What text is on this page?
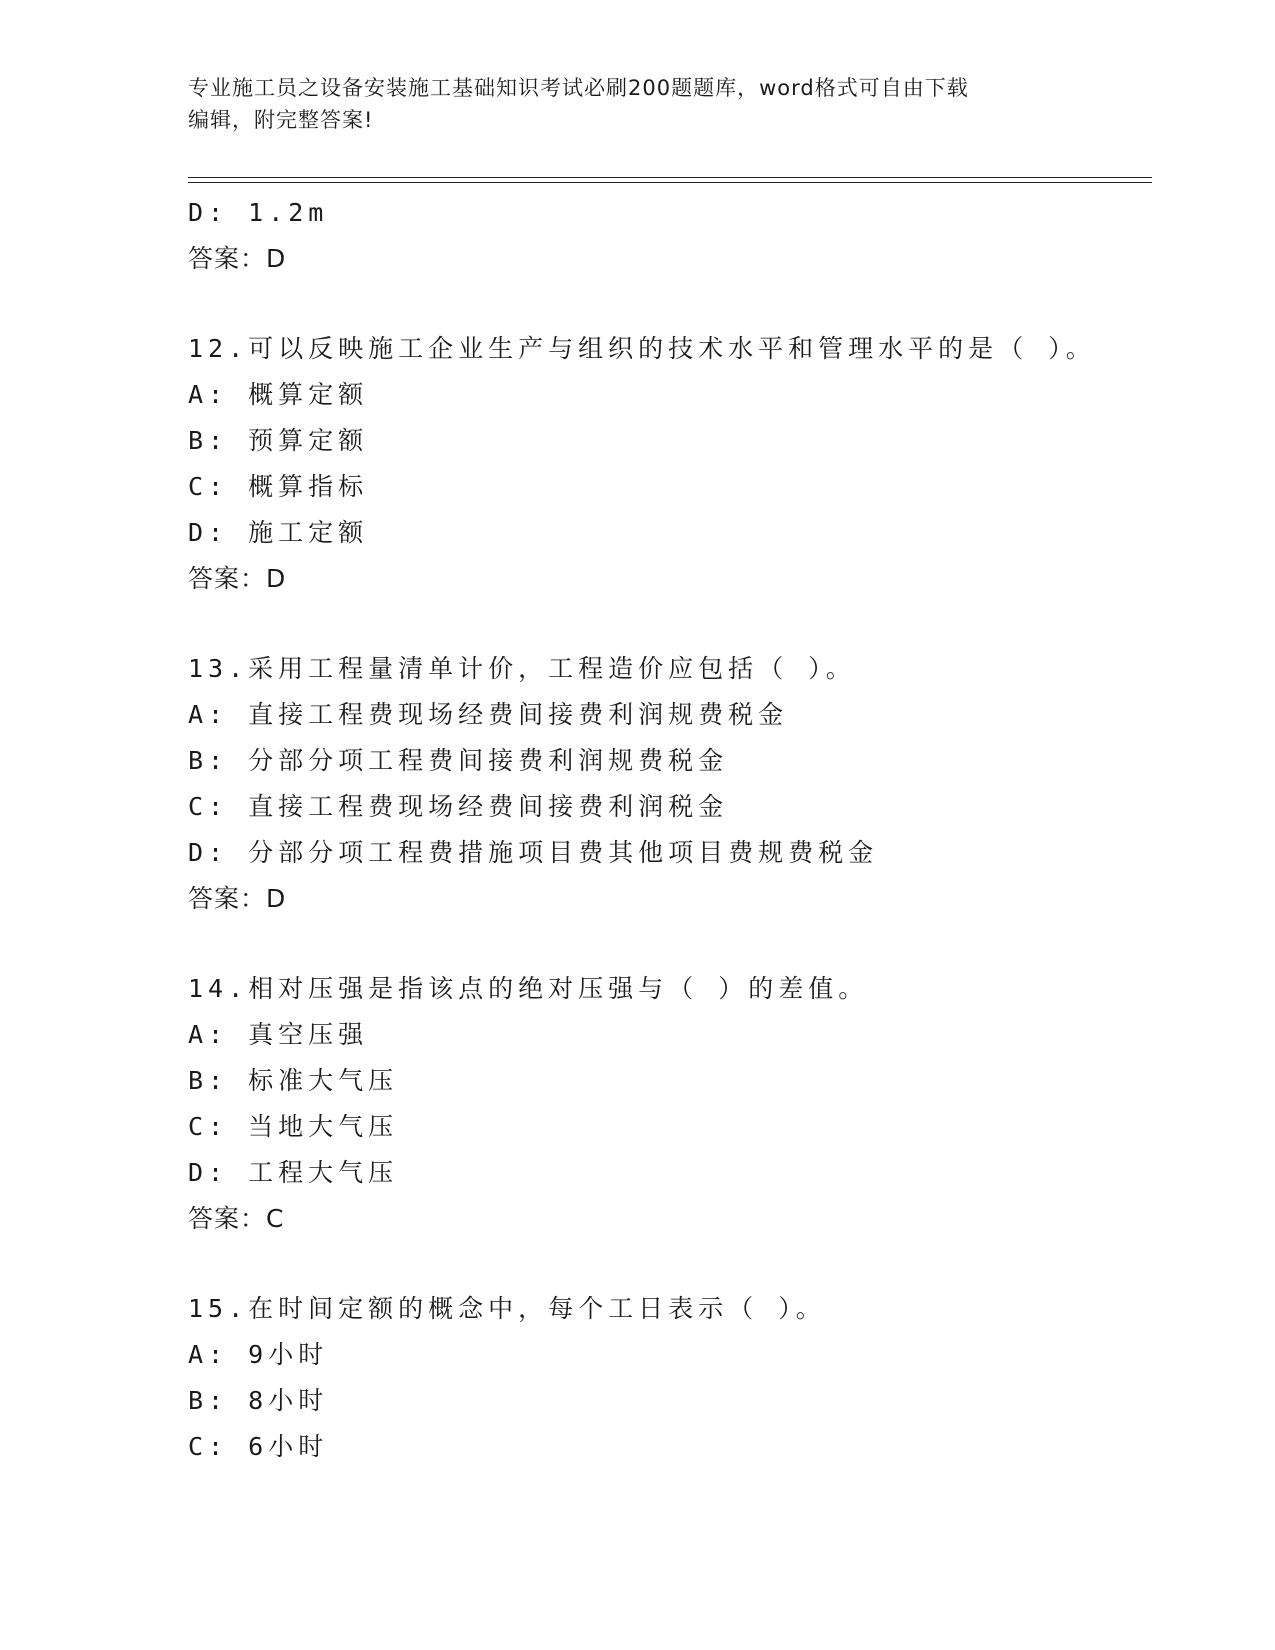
专业施工员之设备安装施工基础知识考试必刷200题题库，word格式可自由下载
编辑，附完整答案!
D: 1.2m
答案：D
12.可以反映施工企业生产与组织的技术水平和管理水平的是（ ）。
A: 概算定额
B: 预算定额
C: 概算指标
D: 施工定额
答案：D
13.采用工程量清单计价，工程造价应包括（ ）。
A: 直接工程费现场经费间接费利润规费税金
B: 分部分项工程费间接费利润规费税金
C: 直接工程费现场经费间接费利润税金
D: 分部分项工程费措施项目费其他项目费规费税金
答案：D
14.相对压强是指该点的绝对压强与（ ）的差值。
A: 真空压强
B: 标准大气压
C: 当地大气压
D: 工程大气压
答案：C
15.在时间定额的概念中，每个工日表示（ ）。
A: 9小时
B: 8小时
C: 6小时
